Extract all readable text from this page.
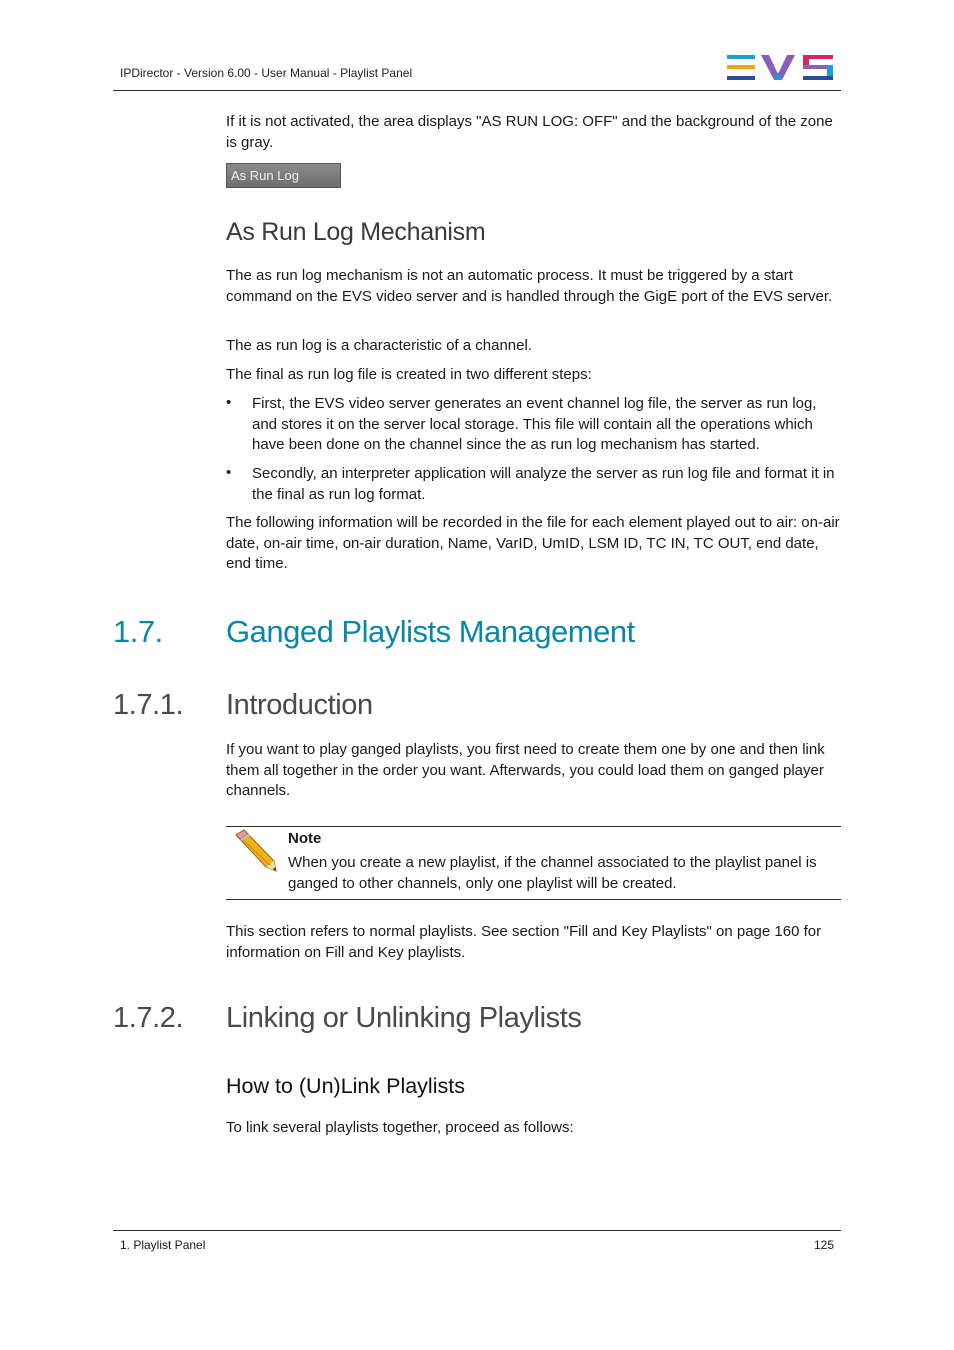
IPDirector - Version 6.00 - User Manual - Playlist Panel

If it is not activated, the area displays "AS RUN LOG: OFF" and the background of the zone is gray.

As Run Log
As Run Log Mechanism

The as run log mechanism is not an automatic process. It must be triggered by a start command on the EVS video server and is handled through the GigE port of the EVS server.

The as run log is a characteristic of a channel.

The final as run log file is created in two different steps:

• First, the EVS video server generates an event channel log file, the server as run log, and stores it on the server local storage. This file will contain all the operations which have been done on the channel since the as run log mechanism has started.
• Secondly, an interpreter application will analyze the server as run log file and format it in the final as run log format.

The following information will be recorded in the file for each element played out to air: on-air date, on-air time, on-air duration, Name, VarID, UmID, LSM ID, TC IN, TC OUT, end date, end time.

1.7. Ganged Playlists Management
1.7.1. Introduction

If you want to play ganged playlists, you first need to create them one by one and then link them all together in the order you want. Afterwards, you could load them on ganged player channels.

Note
When you create a new playlist, if the channel associated to the playlist panel is ganged to other channels, only one playlist will be created.

This section refers to normal playlists. See section "Fill and Key Playlists" on page 160 for information on Fill and Key playlists.

1.7.2. Linking or Unlinking Playlists
How to (Un)Link Playlists

To link several playlists together, proceed as follows:

1. Playlist Panel	125
